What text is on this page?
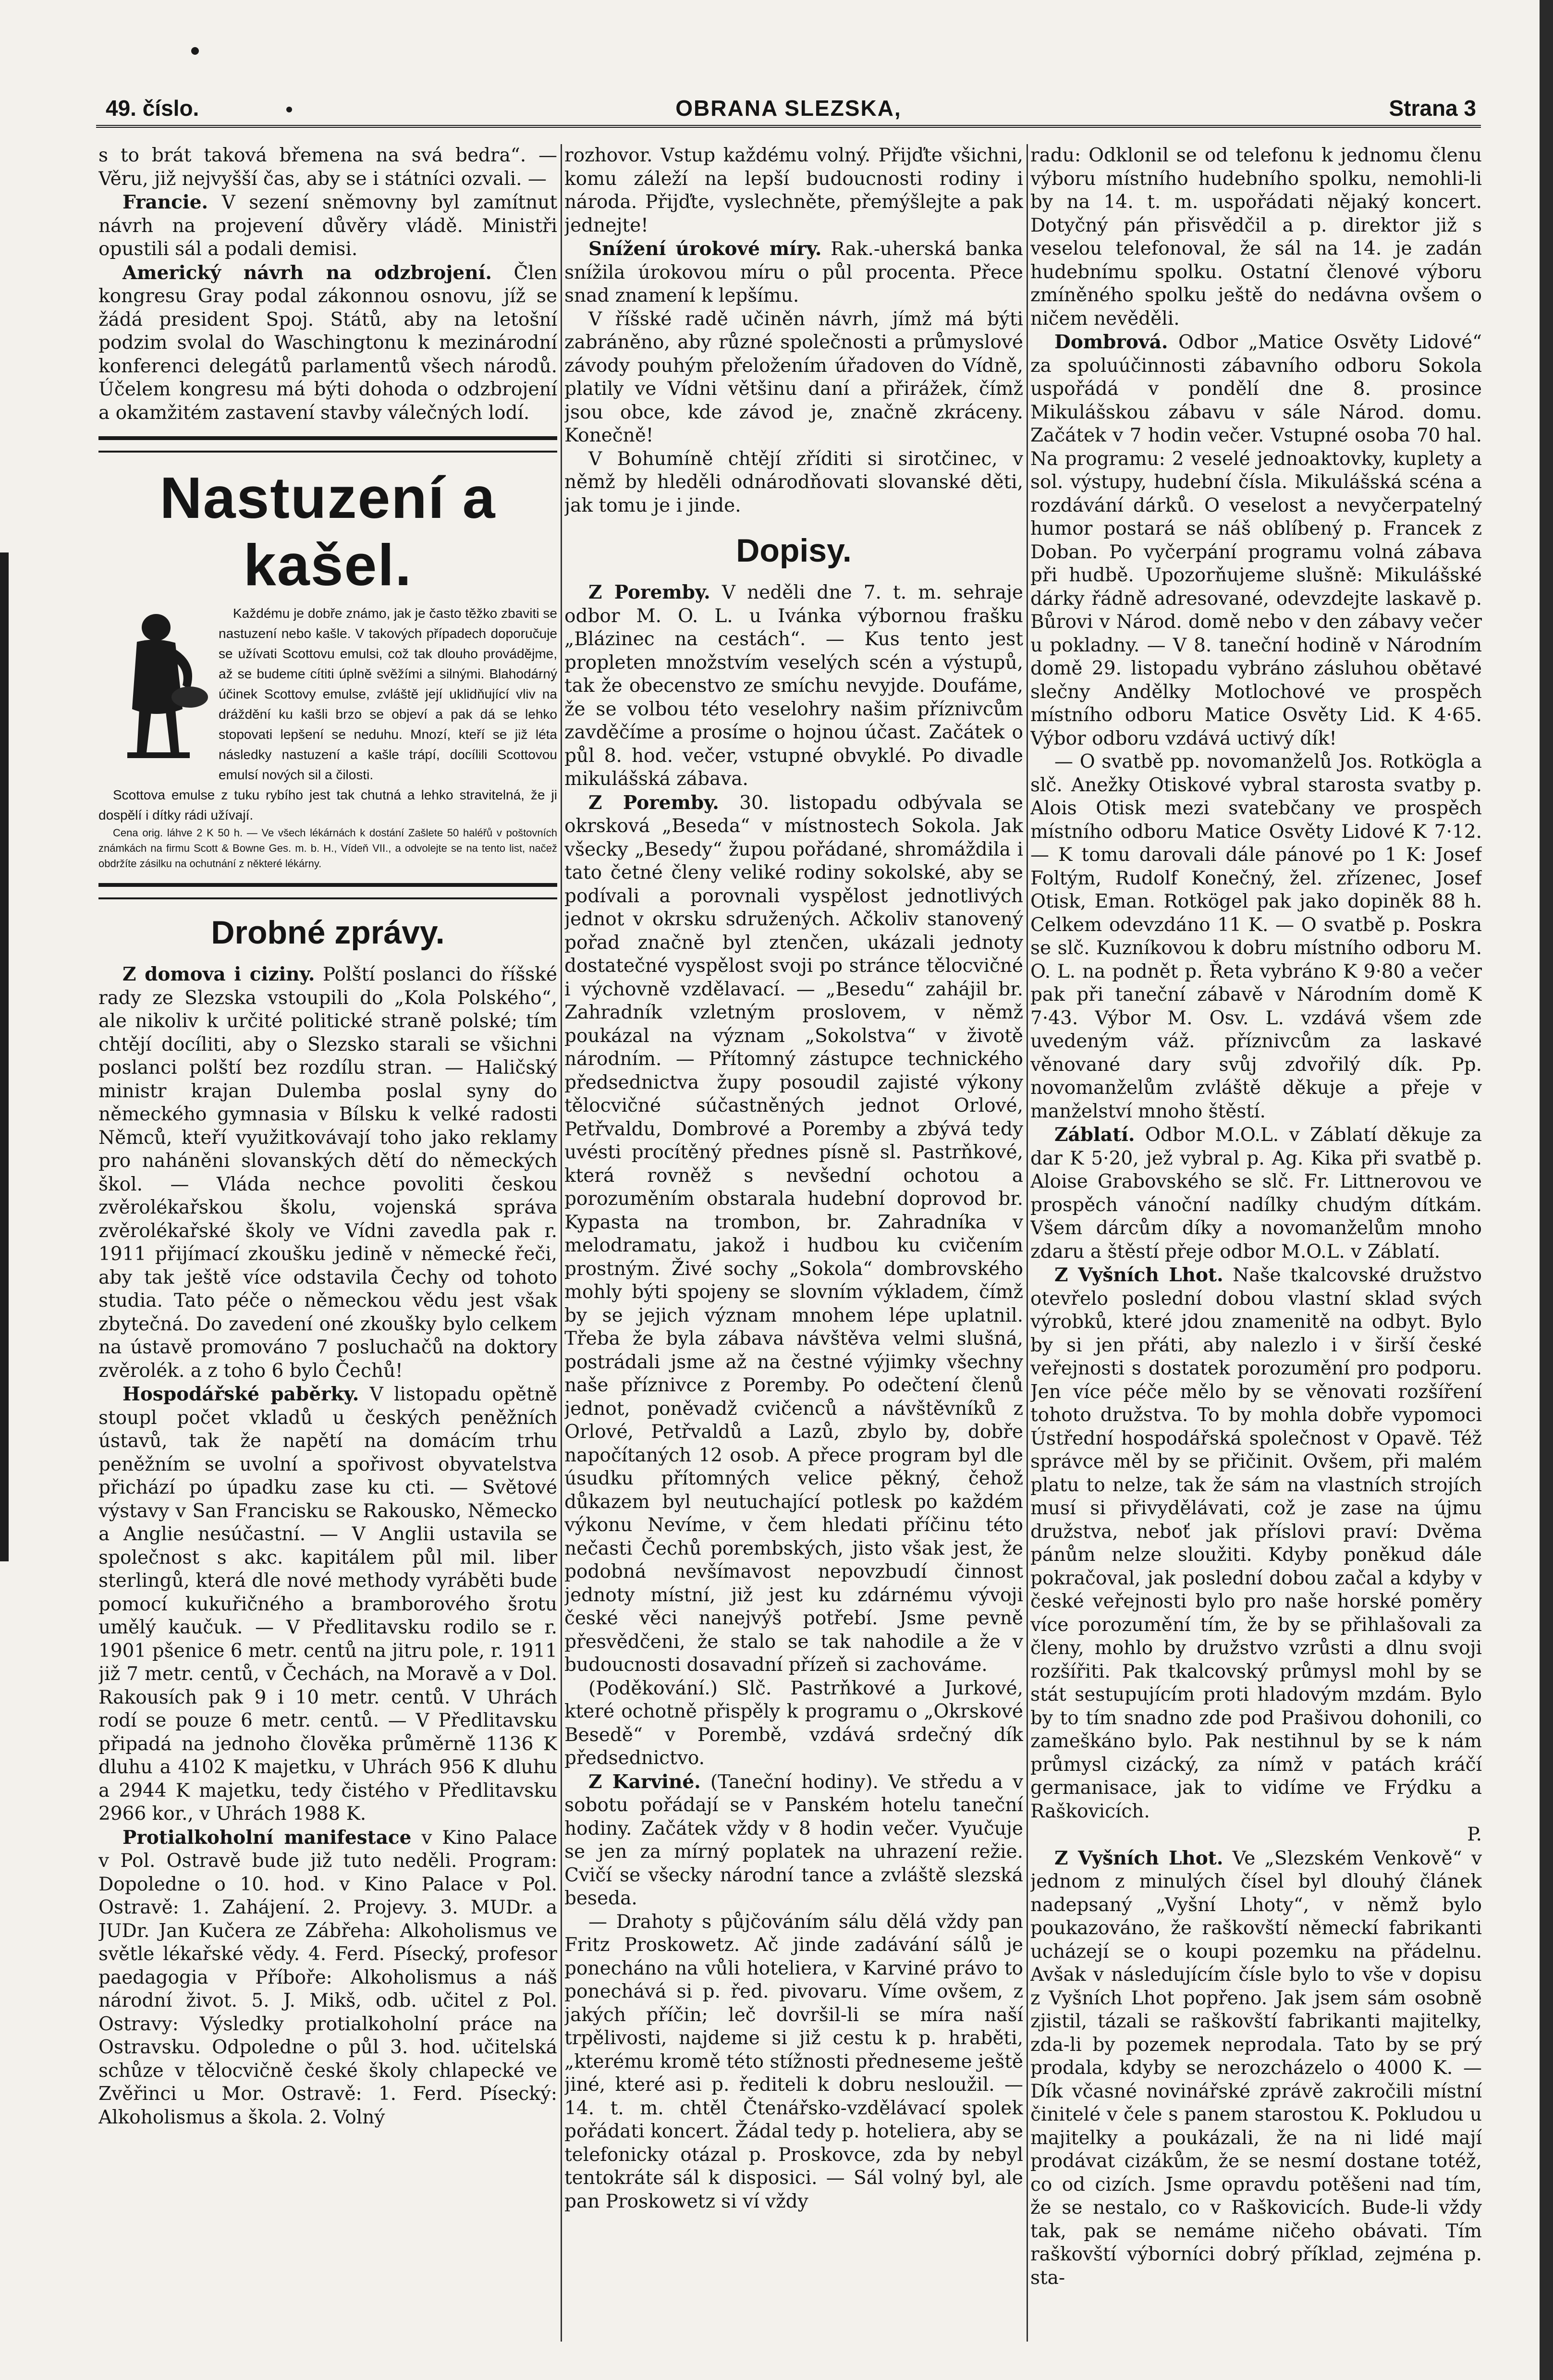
49. číslo.	OBRANA SLEZSKA,	Strana 3

s to brát taková břemena na svá bedra“. — Věru, již nejvyšší čas, aby se i státníci ozvali. —

Francie. V sezení sněmovny byl zamítnut návrh na projevení důvěry vládě. Ministři opustili sál a podali demisi.

Americký návrh na odzbrojení. Člen kongresu Gray podal zákonnou osnovu, jíž se žádá president Spoj. Států, aby na letošní podzim svolal do Waschingtonu k mezinárodní konferenci delegátů parlamentů všech národů. Účelem kongresu má býti dohoda o odzbrojení a okamžitém zastavení stavby válečných lodí.

Nastuzení a kašel.

Každému je dobře známo, jak je často těžko zbaviti se nastuzení nebo kašle. V takových případech doporučuje se užívati Scottovu emulsi, což tak dlouho provádějme, až se budeme cítiti úplně svěžími a silnými. Blahodárný účinek Scottovy emulse, zvláště její uklidňující vliv na dráždění ku kašli brzo se objeví a pak dá se lehko stopovati lepšení se neduhu. Mnozí, kteří se již léta následky nastuzení a kašle trápí, docílili Scottovou emulsí nových sil a čilosti.

Scottova emulse z tuku rybího jest tak chutná a lehko stravitelná, že ji dospělí i dítky rádi užívají.

Cena orig. láhve 2 K 50 h. — Ve všech lékárnách k dostání Zašlete 50 haléřů v poštovních známkách na firmu Scott & Bowne Ges. m. b. H., Vídeň VII., a odvolejte se na tento list, načež obdržíte zásilku na ochutnání z některé lékárny.

Drobné zprávy.

Z domova i ciziny. Polští poslanci do říšské rady ze Slezska vstoupili do „Kola Polského“, ale nikoliv k určité politické straně polské; tím chtějí docíliti, aby o Slezsko starali se všichni poslanci polští bez rozdílu stran. — Haličský ministr krajan Dulemba poslal syny do německého gymnasia v Bílsku k velké radosti Němců, kteří využitkovávají toho jako reklamy pro naháněni slovanských dětí do německých škol. — Vláda nechce povoliti českou zvěrolékařskou školu, vojenská správa zvěrolékařské školy ve Vídni zavedla pak r. 1911 přijímací zkoušku jedině v německé řeči, aby tak ještě více odstavila Čechy od tohoto studia. Tato péče o německou vědu jest však zbytečná. Do zavedení oné zkoušky bylo celkem na ústavě promováno 7 posluchačů na doktory zvěrolék. a z toho 6 bylo Čechů!

Hospodářské paběrky. V listopadu opětně stoupl počet vkladů u českých peněžních ústavů, tak že napětí na domácím trhu peněžním se uvolní a spořivost obyvatelstva přichází po úpadku zase ku cti. — Světové výstavy v San Francisku se Rakousko, Německo a Anglie nesúčastní. — V Anglii ustavila se společnost s akc. kapitálem půl mil. liber sterlingů, která dle nové methody vyráběti bude pomocí kukuřičného a bramborového šrotu umělý kaučuk. — V Předlitavsku rodilo se r. 1901 pšenice 6 metr. centů na jitru pole, r. 1911 již 7 metr. centů, v Čechách, na Moravě a v Dol. Rakousích pak 9 i 10 metr. centů. V Uhrách rodí se pouze 6 metr. centů. — V Předlitavsku připadá na jednoho člověka průměrně 1136 K dluhu a 4102 K majetku, v Uhrách 956 K dluhu a 2944 K majetku, tedy čistého v Předlitavsku 2966 kor., v Uhrách 1988 K.

Protialkoholní manifestace v Kino Palace v Pol. Ostravě bude již tuto neděli. Program: Dopoledne o 10. hod. v Kino Palace v Pol. Ostravě: 1. Zahájení. 2. Projevy. 3. MUDr. a JUDr. Jan Kučera ze Zábřeha: Alkoholismus ve světle lékařské vědy. 4. Ferd. Písecký, profesor paedagogia v Příboře: Alkoholismus a náš národní život. 5. J. Mikš, odb. učitel z Pol. Ostravy: Výsledky protialkoholní práce na Ostravsku. Odpoledne o půl 3. hod. učitelská schůze v tělocvičně české školy chlapecké ve Zvěřinci u Mor. Ostravě: 1. Ferd. Písecký: Alkoholismus a škola. 2. Volný

rozhovor. Vstup každému volný. Přijďte všichni, komu záleží na lepší budoucnosti rodiny i národa. Přijďte, vyslechněte, přemýšlejte a pak jednejte!

Snížení úrokové míry. Rak.-uherská banka snížila úrokovou míru o půl procenta. Přece snad znamení k lepšímu.

V říšské radě učiněn návrh, jímž má býti zabráněno, aby různé společnosti a průmyslové závody pouhým přeložením úřadoven do Vídně, platily ve Vídni většinu daní a přirážek, čímž jsou obce, kde závod je, značně zkráceny. Konečně!

V Bohumíně chtějí zříditi si sirotčinec, v němž by hleděli odnárodňovati slovanské děti, jak tomu je i jinde.

Dopisy.

Z Poremby. V neděli dne 7. t. m. sehraje odbor M. O. L. u Ivánka výbornou frašku „Blázinec na cestách“. — Kus tento jest propleten množstvím veselých scén a výstupů, tak že obecenstvo ze smíchu nevyjde. Doufáme, že se volbou této veselohry našim příznivcům zavděčíme a prosíme o hojnou účast. Začátek o půl 8. hod. večer, vstupné obvyklé. Po divadle mikulášská zábava.

Z Poremby. 30. listopadu odbývala se okrsková „Beseda“ v místnostech Sokola. Jak všecky „Besedy“ župou pořádané, shromáždila i tato četné členy veliké rodiny sokolské, aby se podívali a porovnali vyspělost jednotlivých jednot v okrsku sdružených. Ačkoliv stanovený pořad značně byl ztenčen, ukázali jednoty dostatečné vyspělost svoji po stránce tělocvičné i výchovně vzdělavací. — „Besedu“ zahájil br. Zahradník vzletným proslovem, v němž poukázal na význam „Sokolstva“ v životě národním. — Přítomný zástupce technického předsednictva župy posoudil zajisté výkony tělocvičné súčastněných jednot Orlové, Petřvaldu, Dombrové a Poremby a zbývá tedy uvésti procítěný přednes písně sl. Pastrňkové, která rovněž s nevšední ochotou a porozuměním obstarala hudební doprovod br. Kypasta na trombon, br. Zahradníka v melodramatu, jakož i hudbou ku cvičením prostným. Živé sochy „Sokola“ dombrovského mohly býti spojeny se slovním výkladem, čímž by se jejich význam mnohem lépe uplatnil. Třeba že byla zábava návštěva velmi slušná, postrádali jsme až na čestné výjimky všechny naše příznivce z Poremby. Po odečtení členů jednot, poněvadž cvičenců a návštěvníků z Orlové, Petřvaldů a Lazů, zbylo by, dobře napočítaných 12 osob. A přece program byl dle úsudku přítomných velice pěkný, čehož důkazem byl neutuchající potlesk po každém výkonu Nevíme, v čem hledati příčinu této nečasti Čechů porembských, jisto však jest, že podobná nevšímavost nepovzbudí činnost jednoty místní, již jest ku zdárnému vývoji české věci nanejvýš potřebí. Jsme pevně přesvědčeni, že stalo se tak nahodile a že v budoucnosti dosavadní přízeň si zachováme.

(Poděkování.) Slč. Pastrňkové a Jurkové, které ochotně přispěly k programu o „Okrskové Besedě“ v Porembě, vzdává srdečný dík předsednictvo.

Z Karviné. (Taneční hodiny). Ve středu a v sobotu pořádají se v Panském hotelu taneční hodiny. Začátek vždy v 8 hodin večer. Vyučuje se jen za mírný poplatek na uhrazení režie. Cvičí se všecky národní tance a zvláště slezská beseda.

— Drahoty s půjčováním sálu dělá vždy pan Fritz Proskowetz. Ač jinde zadávání sálů je ponecháno na vůli hoteliera, v Karviné právo to ponechává si p. řed. pivovaru. Víme ovšem, z jakých příčin; leč dovršil-li se míra naší trpělivosti, najdeme si již cestu k p. hraběti, „kterému kromě této stížnosti předneseme ještě jiné, které asi p. řediteli k dobru nesloužil. — 14. t. m. chtěl Čtenářsko-vzdělávací spolek pořádati koncert. Žádal tedy p. hoteliera, aby se telefonicky otázal p. Proskovce, zda by nebyl tentokráte sál k disposici. — Sál volný byl, ale pan Proskowetz si ví vždy

radu: Odklonil se od telefonu k jednomu členu výboru místního hudebního spolku, nemohli-li by na 14. t. m. uspořádati nějaký koncert. Dotyčný pán přisvědčil a p. direktor již s veselou telefonoval, že sál na 14. je zadán hudebnímu spolku. Ostatní členové výboru zmíněného spolku ještě do nedávna ovšem o ničem nevěděli.

Dombrová. Odbor „Matice Osvěty Lidové“ za spoluúčinnosti zábavního odboru Sokola uspořádá v pondělí dne 8. prosince Mikulášskou zábavu v sále Národ. domu. Začátek v 7 hodin večer. Vstupné osoba 70 hal. Na programu: 2 veselé jednoaktovky, kuplety a sol. výstupy, hudební čísla. Mikulášská scéna a rozdávání dárků. O veselost a nevyčerpatelný humor postará se náš oblíbený p. Francek z Doban. Po vyčerpání programu volná zábava při hudbě. Upozorňujeme slušně: Mikulášské dárky řádně adresované, odevzdejte laskavě p. Bůrovi v Národ. domě nebo v den zábavy večer u pokladny. — V 8. taneční hodině v Národním domě 29. listopadu vybráno zásluhou obětavé slečny Andělky Motlochové ve prospěch místního odboru Matice Osvěty Lid. K 4·65. Výbor odboru vzdává uctivý dík!

— O svatbě pp. novomanželů Jos. Rotkögla a slč. Anežky Otiskové vybral starosta svatby p. Alois Otisk mezi svatebčany ve prospěch místního odboru Matice Osvěty Lidové K 7·12. — K tomu darovali dále pánové po 1 K: Josef Foltým, Rudolf Konečný, žel. zřízenec, Josef Otisk, Eman. Rotkögel pak jako dopiněk 88 h. Celkem odevzdáno 11 K. — O svatbě p. Poskra se slč. Kuzníkovou k dobru místního odboru M. O. L. na podnět p. Řeta vybráno K 9·80 a večer pak při taneční zábavě v Národním domě K 7·43. Výbor M. Osv. L. vzdává všem zde uvedeným váž. příznivcům za laskavé věnované dary svůj zdvořilý dík. Pp. novomanželům zvláště děkuje a přeje v manželství mnoho štěstí.

Záblatí. Odbor M.O.L. v Záblatí děkuje za dar K 5·20, jež vybral p. Ag. Kika při svatbě p. Aloise Grabovského se slč. Fr. Littnerovou ve prospěch vánoční nadílky chudým dítkám. Všem dárcům díky a novomanželům mnoho zdaru a štěstí přeje odbor M.O.L. v Záblatí.

Z Vyšních Lhot. Naše tkalcovské družstvo otevřelo poslední dobou vlastní sklad svých výrobků, které jdou znamenitě na odbyt. Bylo by si jen přáti, aby nalezlo i v širší české veřejnosti s dostatek porozumění pro podporu. Jen více péče mělo by se věnovati rozšíření tohoto družstva. To by mohla dobře vypomoci Ústřední hospodářská společnost v Opavě. Též správce měl by se přičinit. Ovšem, při malém platu to nelze, tak že sám na vlastních strojích musí si přivydělávati, což je zase na újmu družstva, neboť jak příslovi praví: Dvěma pánům nelze sloužiti. Kdyby poněkud dále pokračoval, jak poslední dobou začal a kdyby v české veřejnosti bylo pro naše horské poměry více porozumění tím, že by se přihlašovali za členy, mohlo by družstvo vzrůsti a dlnu svoji rozšířiti. Pak tkalcovský průmysl mohl by se stát sestupujícím proti hladovým mzdám. Bylo by to tím snadno zde pod Prašivou dohonili, co zameškáno bylo. Pak nestihnul by se k nám průmysl cizácký, za nímž v patách kráčí germanisace, jak to vidíme ve Frýdku a Raškovicích.

P.

Z Vyšních Lhot. Ve „Slezském Venkově“ v jednom z minulých čísel byl dlouhý článek nadepsaný „Vyšní Lhoty“, v němž bylo poukazováno, že raškovští německí fabrikanti ucházejí se o koupi pozemku na přádelnu. Avšak v následujícím čísle bylo to vše v dopisu z Vyšních Lhot popřeno. Jak jsem sám osobně zjistil, tázali se raškovští fabrikanti majitelky, zda-li by pozemek neprodala. Tato by se prý prodala, kdyby se nerozcházelo o 4000 K. — Dík včasné novinářské zprávě zakročili místní činitelé v čele s panem starostou K. Pokludou u majitelky a poukázali, že na ni lidé mají prodávat cizákům, že se nesmí dostane totéž, co od cizích. Jsme opravdu potěšeni nad tím, že se nestalo, co v Raškovicích. Bude-li vždy tak, pak se nemáme ničeho obávati. Tím raškovští výborníci dobrý příklad, zejména p. sta-
